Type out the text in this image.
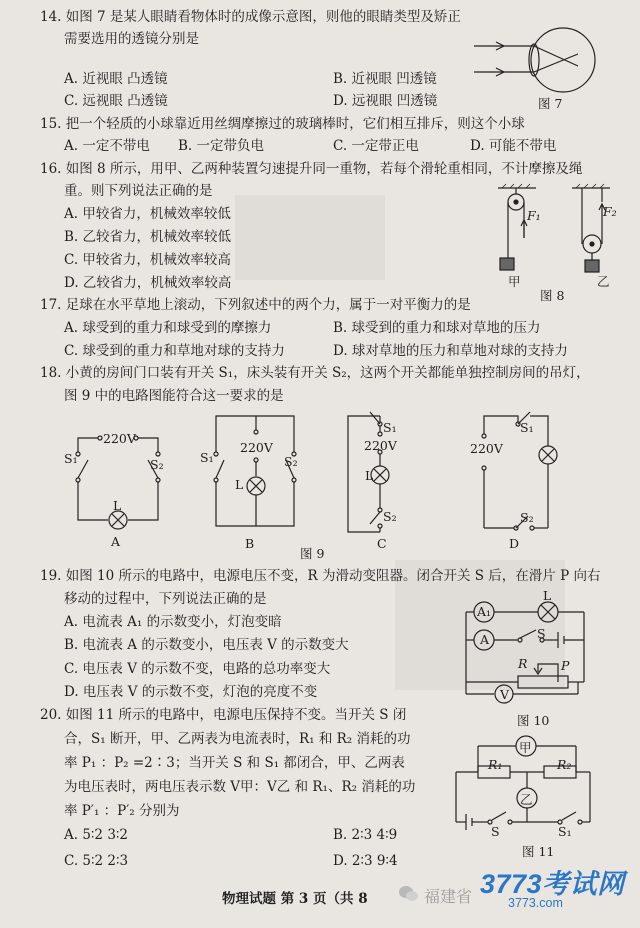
14. 如图 7 是某人眼睛看物体时的成像示意图，则他的眼睛类型及矫正
需要选用的透镜分别是
A. 近视眼 凸透镜	B. 近视眼 凹透镜
C. 远视眼 凸透镜	D. 远视眼 凹透镜	图 7
15. 把一个轻质的小球靠近用丝绸摩擦过的玻璃棒时，它们相互排斥，则这个小球
A. 一定不带电 B. 一定带负电	C. 一定带正电	D. 可能不带电
16. 如图 8 所示，用甲、乙两种装置匀速提升同一重物，若每个滑轮重相同，不计摩擦及绳
重。则下列说法正确的是
A. 甲较省力，机械效率较低
B. 乙较省力，机械效率较低
C. 甲较省力，机械效率较高
D. 乙较省力，机械效率较高
F₁	F₂
甲	乙
图 8
17. 足球在水平草地上滚动，下列叙述中的两个力，属于一对平衡力的是
A. 球受到的重力和球受到的摩擦力	B. 球受到的重力和球对草地的压力
C. 球受到的重力和草地对球的支持力	D. 球对草地的压力和草地对球的支持力
18. 小黄的房间门口装有开关 S₁，床头装有开关 S₂，这两个开关都能单独控制房间的吊灯，
图 9 中的电路图能符合这一要求的是
220V
S₁	S₂
L
A
220V
S₁	S₂
L
B
S₁
220V
L
S₂
C
图 9
S₁
220V
S₂
D
19. 如图 10 所示的电路中，电源电压不变，R 为滑动变阻器。闭合开关 S 后，在滑片 P 向右
移动的过程中，下列说法正确的是
A. 电流表 A₁ 的示数变小，灯泡变暗
B. 电流表 A 的示数变小，电压表 V 的示数变大
C. 电压表 V 的示数不变，电路的总功率变大
D. 电压表 V 的示数不变，灯泡的亮度不变
A₁
A
L
S
R	P
V
图 10
20. 如图 11 所示的电路中，电源电压保持不变。当开关 S 闭
合，S₁ 断开，甲、乙两表为电流表时，R₁ 和 R₂ 消耗的功
率 P₁ ：P₂ =2∶3；当开关 S 和 S₁ 都闭合，甲、乙两表
为电压表时，两电压表示数 V甲：V乙 和 R₁、R₂ 消耗的功
率 P′₁ ：P′₂ 分别为
A. 5∶2 3∶2	B. 2∶3 4∶9
C. 5∶2 2∶3	D. 2∶3 9∶4
甲
R₁	R₂
乙
S	S₁
图 11
物理试题 第 3 页（共 8	福建省 3773考试网
3773.com
